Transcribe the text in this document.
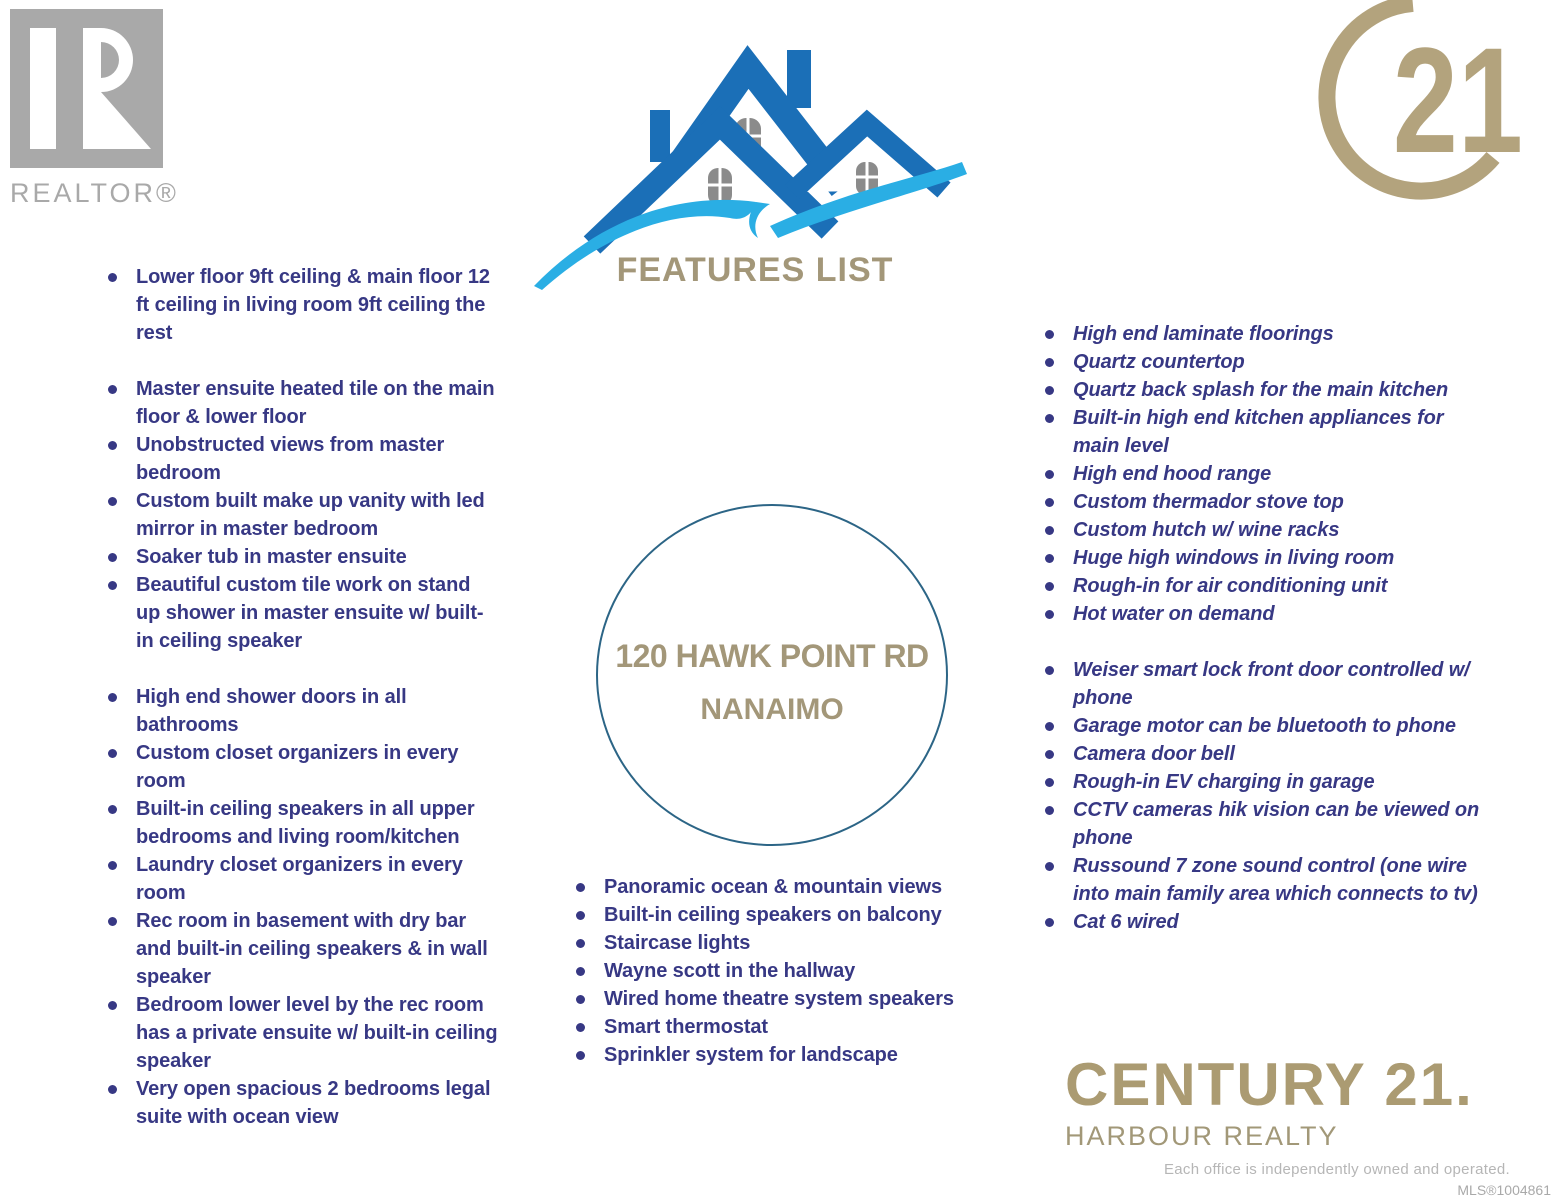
REALTOR®
FEATURES LIST
21
Lower floor 9ft ceiling & main floor 12 ft ceiling in living room 9ft ceiling the rest
Master ensuite heated tile on the main floor & lower floor
Unobstructed views from master bedroom
Custom built make up vanity with led mirror in master bedroom
Soaker tub in master ensuite
Beautiful custom tile work on stand up shower in master ensuite w/ built-in ceiling speaker
High end shower doors in all bathrooms
Custom closet organizers in every room
Built-in ceiling speakers in all upper bedrooms and living room/kitchen
Laundry closet organizers in every room
Rec room in basement with dry bar and built-in ceiling speakers & in wall speaker
Bedroom lower level by the rec room has a private ensuite w/ built-in ceiling speaker
Very open spacious 2 bedrooms legal suite with ocean view
120 HAWK POINT RD
NANAIMO
Panoramic ocean & mountain views
Built-in ceiling speakers on balcony
Staircase lights
Wayne scott in the hallway
Wired home theatre system speakers
Smart thermostat
Sprinkler system for landscape
High end laminate floorings
Quartz countertop
Quartz back splash for the main kitchen
Built-in high end kitchen appliances for main level
High end hood range
Custom thermador stove top
Custom hutch w/ wine racks
Huge high windows in living room
Rough-in for air conditioning unit
Hot water on demand
Weiser smart lock front door controlled w/ phone
Garage motor can be bluetooth to phone
Camera door bell
Rough-in EV charging in garage
CCTV cameras hik vision can be viewed on phone
Russound 7 zone sound control (one wire into main family area which connects to tv)
Cat 6 wired
CENTURY 21.
HARBOUR REALTY
Each office is independently owned and operated.
MLS®1004861
